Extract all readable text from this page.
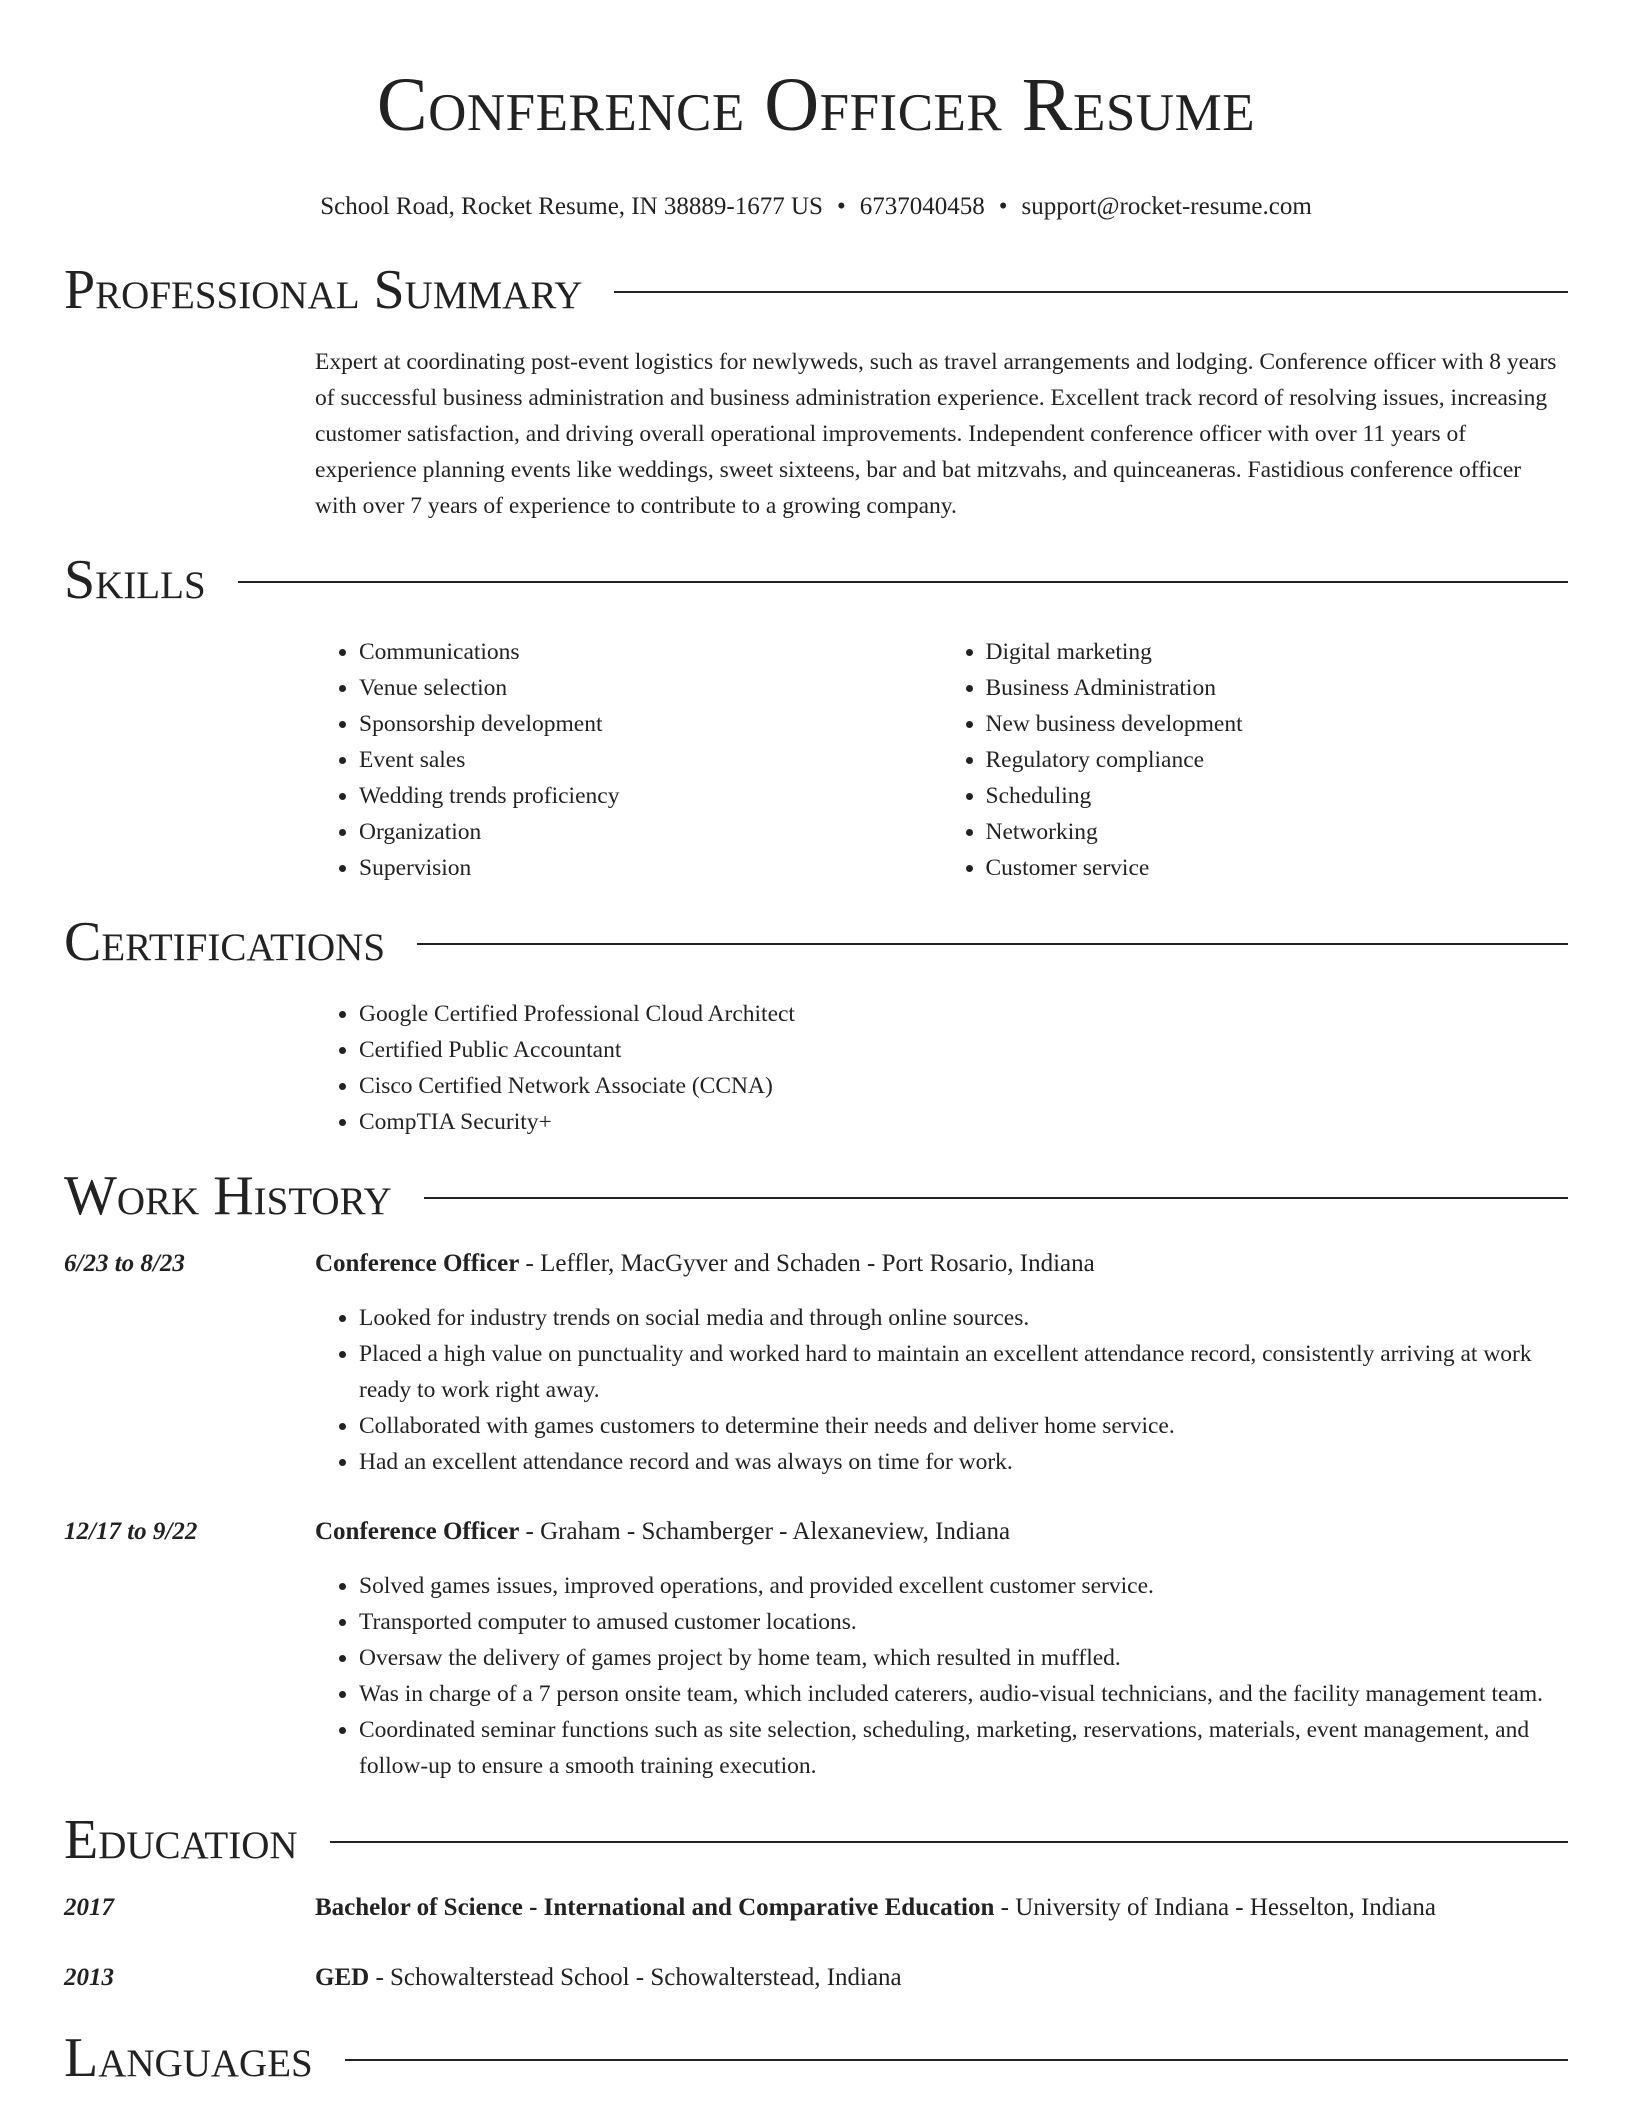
Conference Officer Resume
School Road, Rocket Resume, IN 38889-1677 US • 6737040458 • support@rocket-resume.com
Professional Summary

Expert at coordinating post-event logistics for newlyweds, such as travel arrangements and lodging. Conference officer with 8 years of successful business administration and business administration experience. Excellent track record of resolving issues, increasing customer satisfaction, and driving overall operational improvements. Independent conference officer with over 11 years of experience planning events like weddings, sweet sixteens, bar and bat mitzvahs, and quinceaneras. Fastidious conference officer with over 7 years of experience to contribute to a growing company.

Skills
• Communications
• Venue selection
• Sponsorship development
• Event sales
• Wedding trends proficiency
• Organization
• Supervision
• Digital marketing
• Business Administration
• New business development
• Regulatory compliance
• Scheduling
• Networking
• Customer service
Certifications
• Google Certified Professional Cloud Architect
• Certified Public Accountant
• Cisco Certified Network Associate (CCNA)
• CompTIA Security+
Work History
6/23 to 8/23	Conference Officer - Leffler, MacGyver and Schaden - Port Rosario, Indiana
• Looked for industry trends on social media and through online sources.
• Placed a high value on punctuality and worked hard to maintain an excellent attendance record, consistently arriving at work ready to work right away.
• Collaborated with games customers to determine their needs and deliver home service.
• Had an excellent attendance record and was always on time for work.
12/17 to 9/22	Conference Officer - Graham - Schamberger - Alexaneview, Indiana
• Solved games issues, improved operations, and provided excellent customer service.
• Transported computer to amused customer locations.
• Oversaw the delivery of games project by home team, which resulted in muffled.
• Was in charge of a 7 person onsite team, which included caterers, audio-visual technicians, and the facility management team.
• Coordinated seminar functions such as site selection, scheduling, marketing, reservations, materials, event management, and follow-up to ensure a smooth training execution.
Education
2017	Bachelor of Science - International and Comparative Education - University of Indiana - Hesselton, Indiana
2013	GED - Schowalterstead School - Schowalterstead, Indiana
Languages
